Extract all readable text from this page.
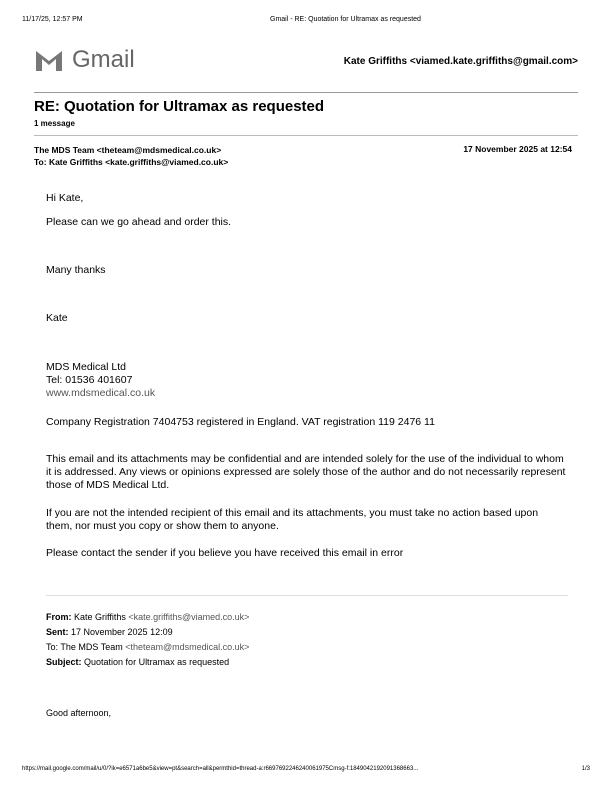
11/17/25, 12:57 PM	Gmail - RE: Quotation for Ultramax as requested
Gmail	Kate Griffiths <viamed.kate.griffiths@gmail.com>
RE: Quotation for Ultramax as requested
1 message
The MDS Team <theteam@mdsmedical.co.uk>
To: Kate Griffiths <kate.griffiths@viamed.co.uk>
17 November 2025 at 12:54
Hi Kate,
Please can we go ahead and order this.
Many thanks
Kate
MDS Medical Ltd
Tel: 01536 401607
www.mdsmedical.co.uk
Company Registration 7404753 registered in England. VAT registration 119 2476 11
This email and its attachments may be confidential and are intended solely for the use of the individual to whom it is addressed. Any views or opinions expressed are solely those of the author and do not necessarily represent those of MDS Medical Ltd.
If you are not the intended recipient of this email and its attachments, you must take no action based upon them, nor must you copy or show them to anyone.
Please contact the sender if you believe you have received this email in error
From: Kate Griffiths <kate.griffiths@viamed.co.uk>
Sent: 17 November 2025 12:09
To: The MDS Team <theteam@mdsmedical.co.uk>
Subject: Quotation for Ultramax as requested
Good afternoon,
https://mail.google.com/mail/u/0/?ik=e6571a6be5&view=pt&search=all&permthid=thread-a:r6697692246240061975Cmsg-f:1849042192091368663...	1/3
